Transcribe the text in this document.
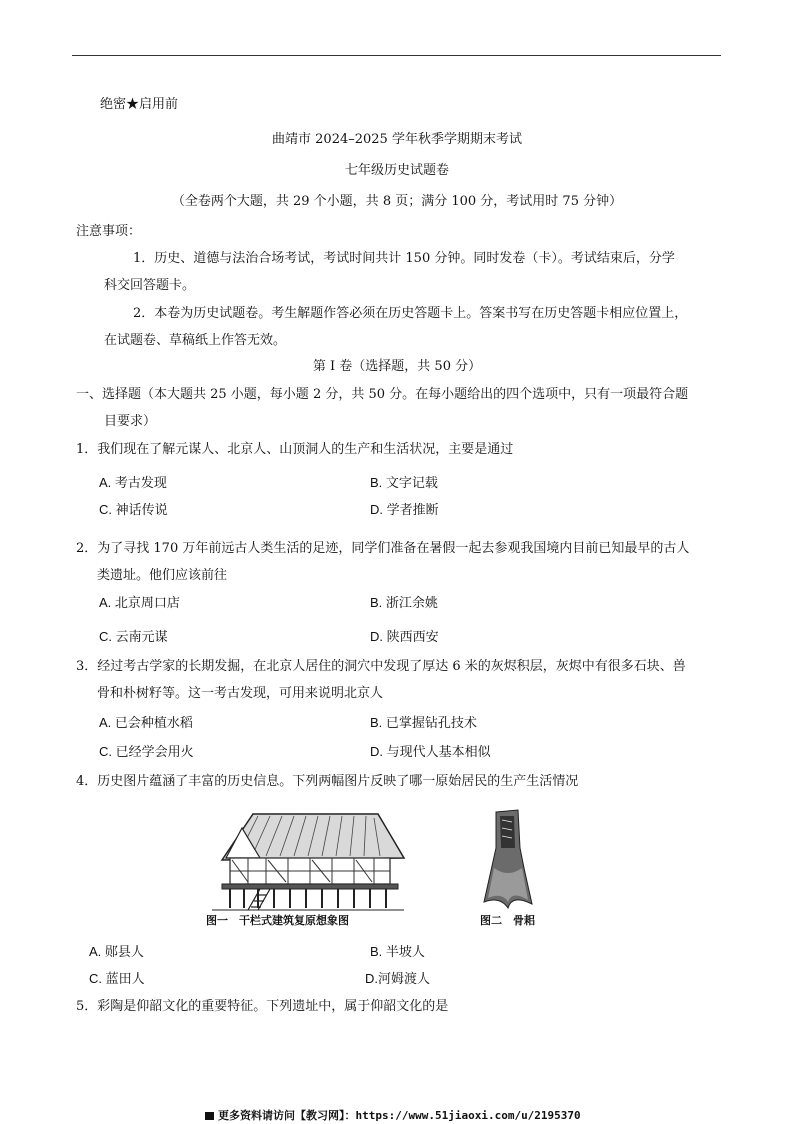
绝密★启用前
曲靖市 2024–2025 学年秋季学期期末考试
七年级历史试题卷
（全卷两个大题，共 29 个小题，共 8 页；满分 100 分，考试用时 75 分钟）
注意事项：
1．历史、道德与法治合场考试，考试时间共计 150 分钟。同时发卷（卡）。考试结束后，分学
科交回答题卡。
2．本卷为历史试题卷。考生解题作答必须在历史答题卡上。答案书写在历史答题卡相应位置上，
在试题卷、草稿纸上作答无效。
第 I 卷（选择题，共 50 分）
一、选择题（本大题共 25 小题，每小题 2 分，共 50 分。在每小题给出的四个选项中，只有一项最符合题
目要求）
1．我们现在了解元谋人、北京人、山顶洞人的生产和生活状况，主要是通过
A. 考古发现	B. 文字记载
C. 神话传说	D. 学者推断
2．为了寻找 170 万年前远古人类生活的足迹，同学们准备在暑假一起去参观我国境内目前已知最早的古人
类遗址。他们应该前往
A. 北京周口店	B. 浙江余姚
C. 云南元谋	D. 陕西西安
3．经过考古学家的长期发掘，在北京人居住的洞穴中发现了厚达 6 米的灰烬积层，灰烬中有很多石块、兽
骨和朴树籽等。这一考古发现，可用来说明北京人
A. 已会种植水稻	B. 已掌握钻孔技术
C. 已经学会用火	D. 与现代人基本相似
4．历史图片蕴涵了丰富的历史信息。下列两幅图片反映了哪一原始居民的生产生活情况
图一　干栏式建筑复原想象图	图二　骨耜
A. 郧县人	B. 半坡人
C. 蓝田人	D.河姆渡人
5．彩陶是仰韶文化的重要特征。下列遗址中，属于仰韶文化的是
更多资料请访问【教习网】：https://www.51jiaoxi.com/u/2195370
